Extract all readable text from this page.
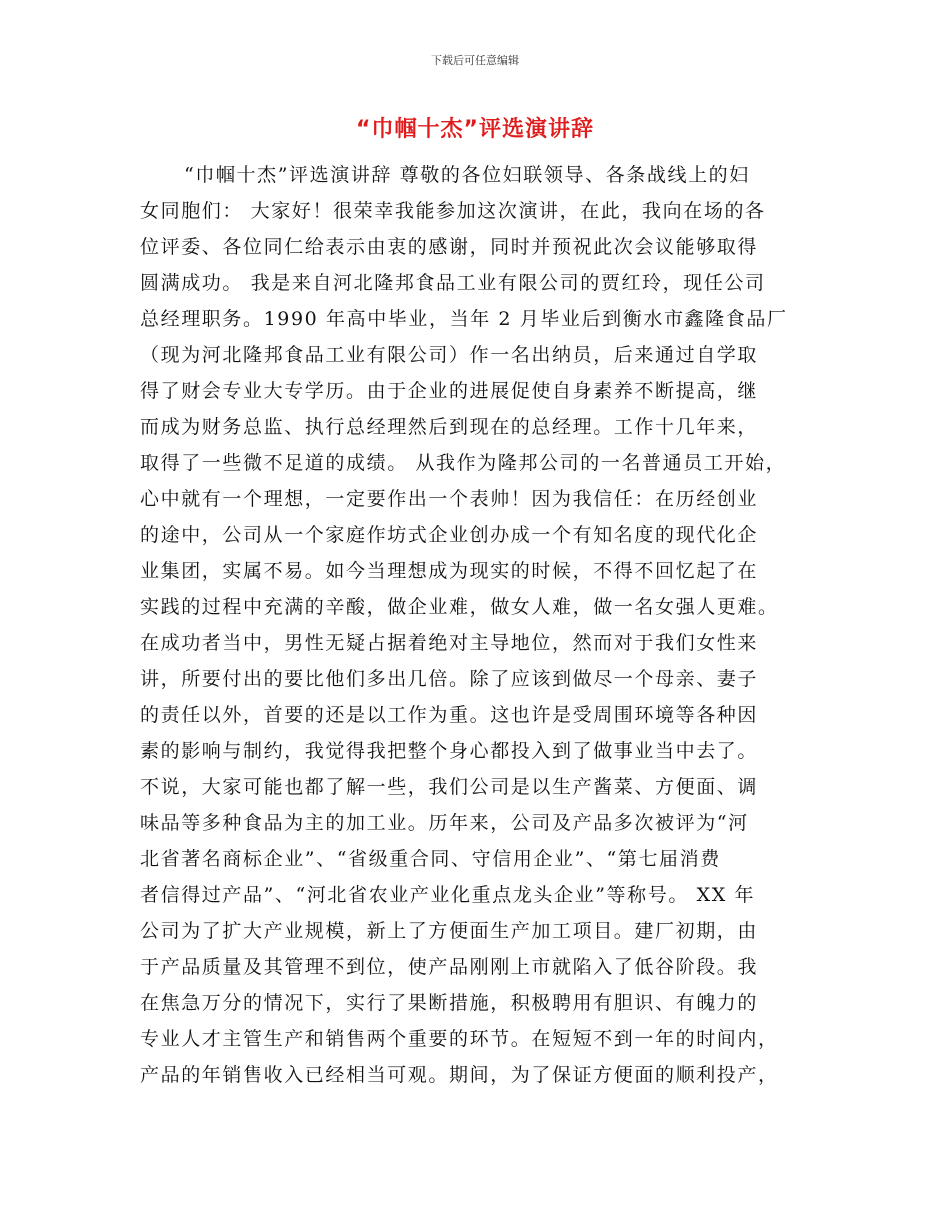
下载后可任意编辑
“巾帼十杰”评选演讲辞
“巾帼十杰”评选演讲辞 尊敬的各位妇联领导、各条战线上的妇
女同胞们： 大家好！很荣幸我能参加这次演讲，在此，我向在场的各
位评委、各位同仁给表示由衷的感谢，同时并预祝此次会议能够取得
圆满成功。 我是来自河北隆邦食品工业有限公司的贾红玲，现任公司
总经理职务。1990 年高中毕业，当年 2 月毕业后到衡水市鑫隆食品厂
（现为河北隆邦食品工业有限公司）作一名出纳员，后来通过自学取
得了财会专业大专学历。由于企业的进展促使自身素养不断提高，继
而成为财务总监、执行总经理然后到现在的总经理。工作十几年来，
取得了一些微不足道的成绩。 从我作为隆邦公司的一名普通员工开始，
心中就有一个理想，一定要作出一个表帅！因为我信任：在历经创业
的途中，公司从一个家庭作坊式企业创办成一个有知名度的现代化企
业集团，实属不易。如今当理想成为现实的时候，不得不回忆起了在
实践的过程中充满的辛酸，做企业难，做女人难，做一名女强人更难。
在成功者当中，男性无疑占据着绝对主导地位，然而对于我们女性来
讲，所要付出的要比他们多出几倍。除了应该到做尽一个母亲、妻子
的责任以外，首要的还是以工作为重。这也许是受周围环境等各种因
素的影响与制约，我觉得我把整个身心都投入到了做事业当中去了。
不说，大家可能也都了解一些，我们公司是以生产酱菜、方便面、调
味品等多种食品为主的加工业。历年来，公司及产品多次被评为“河
北省著名商标企业”、“省级重合同、守信用企业”、“第七届消费
者信得过产品”、“河北省农业产业化重点龙头企业”等称号。 XX 年
公司为了扩大产业规模，新上了方便面生产加工项目。建厂初期，由
于产品质量及其管理不到位，使产品刚刚上市就陷入了低谷阶段。我
在焦急万分的情况下，实行了果断措施，积极聘用有胆识、有魄力的
专业人才主管生产和销售两个重要的环节。在短短不到一年的时间内，
产品的年销售收入已经相当可观。期间，为了保证方便面的顺利投产，
